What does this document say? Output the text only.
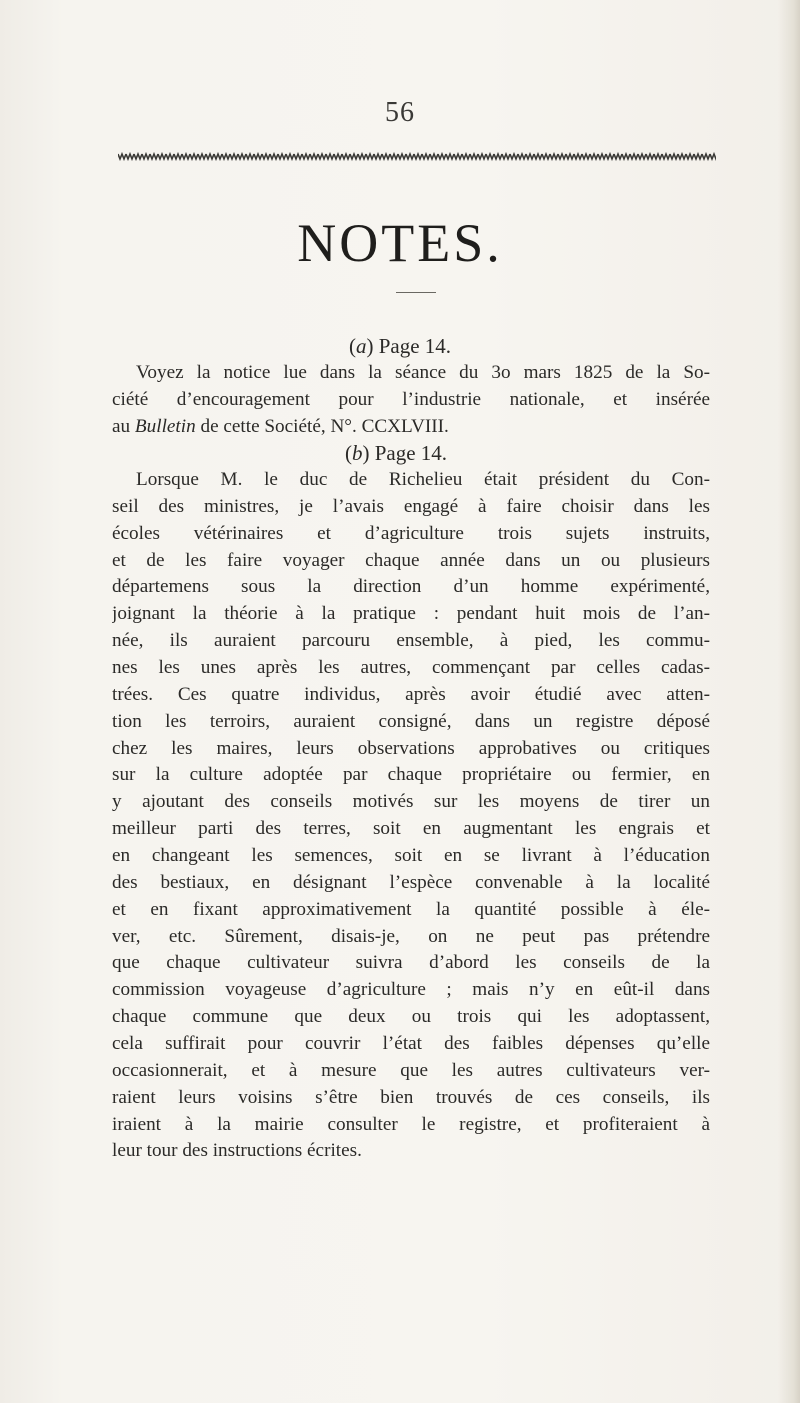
56
NOTES.
(a) Page 14.
Voyez la notice lue dans la séance du 3o mars 1825 de la So-
ciété d’encouragement pour l’industrie nationale, et insérée
au Bulletin de cette Société, N°. CCXLVIII.
(b) Page 14.
Lorsque M. le duc de Richelieu était président du Con-
seil des ministres, je l’avais engagé à faire choisir dans les
écoles vétérinaires et d’agriculture trois sujets instruits,
et de les faire voyager chaque année dans un ou plusieurs
départemens sous la direction d’un homme expérimenté,
joignant la théorie à la pratique : pendant huit mois de l’an-
née, ils auraient parcouru ensemble, à pied, les commu-
nes les unes après les autres, commençant par celles cadas-
trées. Ces quatre individus, après avoir étudié avec atten-
tion les terroirs, auraient consigné, dans un registre déposé
chez les maires, leurs observations approbatives ou critiques
sur la culture adoptée par chaque propriétaire ou fermier, en
y ajoutant des conseils motivés sur les moyens de tirer un
meilleur parti des terres, soit en augmentant les engrais et
en changeant les semences, soit en se livrant à l’éducation
des bestiaux, en désignant l’espèce convenable à la localité
et en fixant approximativement la quantité possible à éle-
ver, etc. Sûrement, disais-je, on ne peut pas prétendre
que chaque cultivateur suivra d’abord les conseils de la
commission voyageuse d’agriculture ; mais n’y en eût-il dans
chaque commune que deux ou trois qui les adoptassent,
cela suffirait pour couvrir l’état des faibles dépenses qu’elle
occasionnerait, et à mesure que les autres cultivateurs ver-
raient leurs voisins s’être bien trouvés de ces conseils, ils
iraient à la mairie consulter le registre, et profiteraient à
leur tour des instructions écrites.
